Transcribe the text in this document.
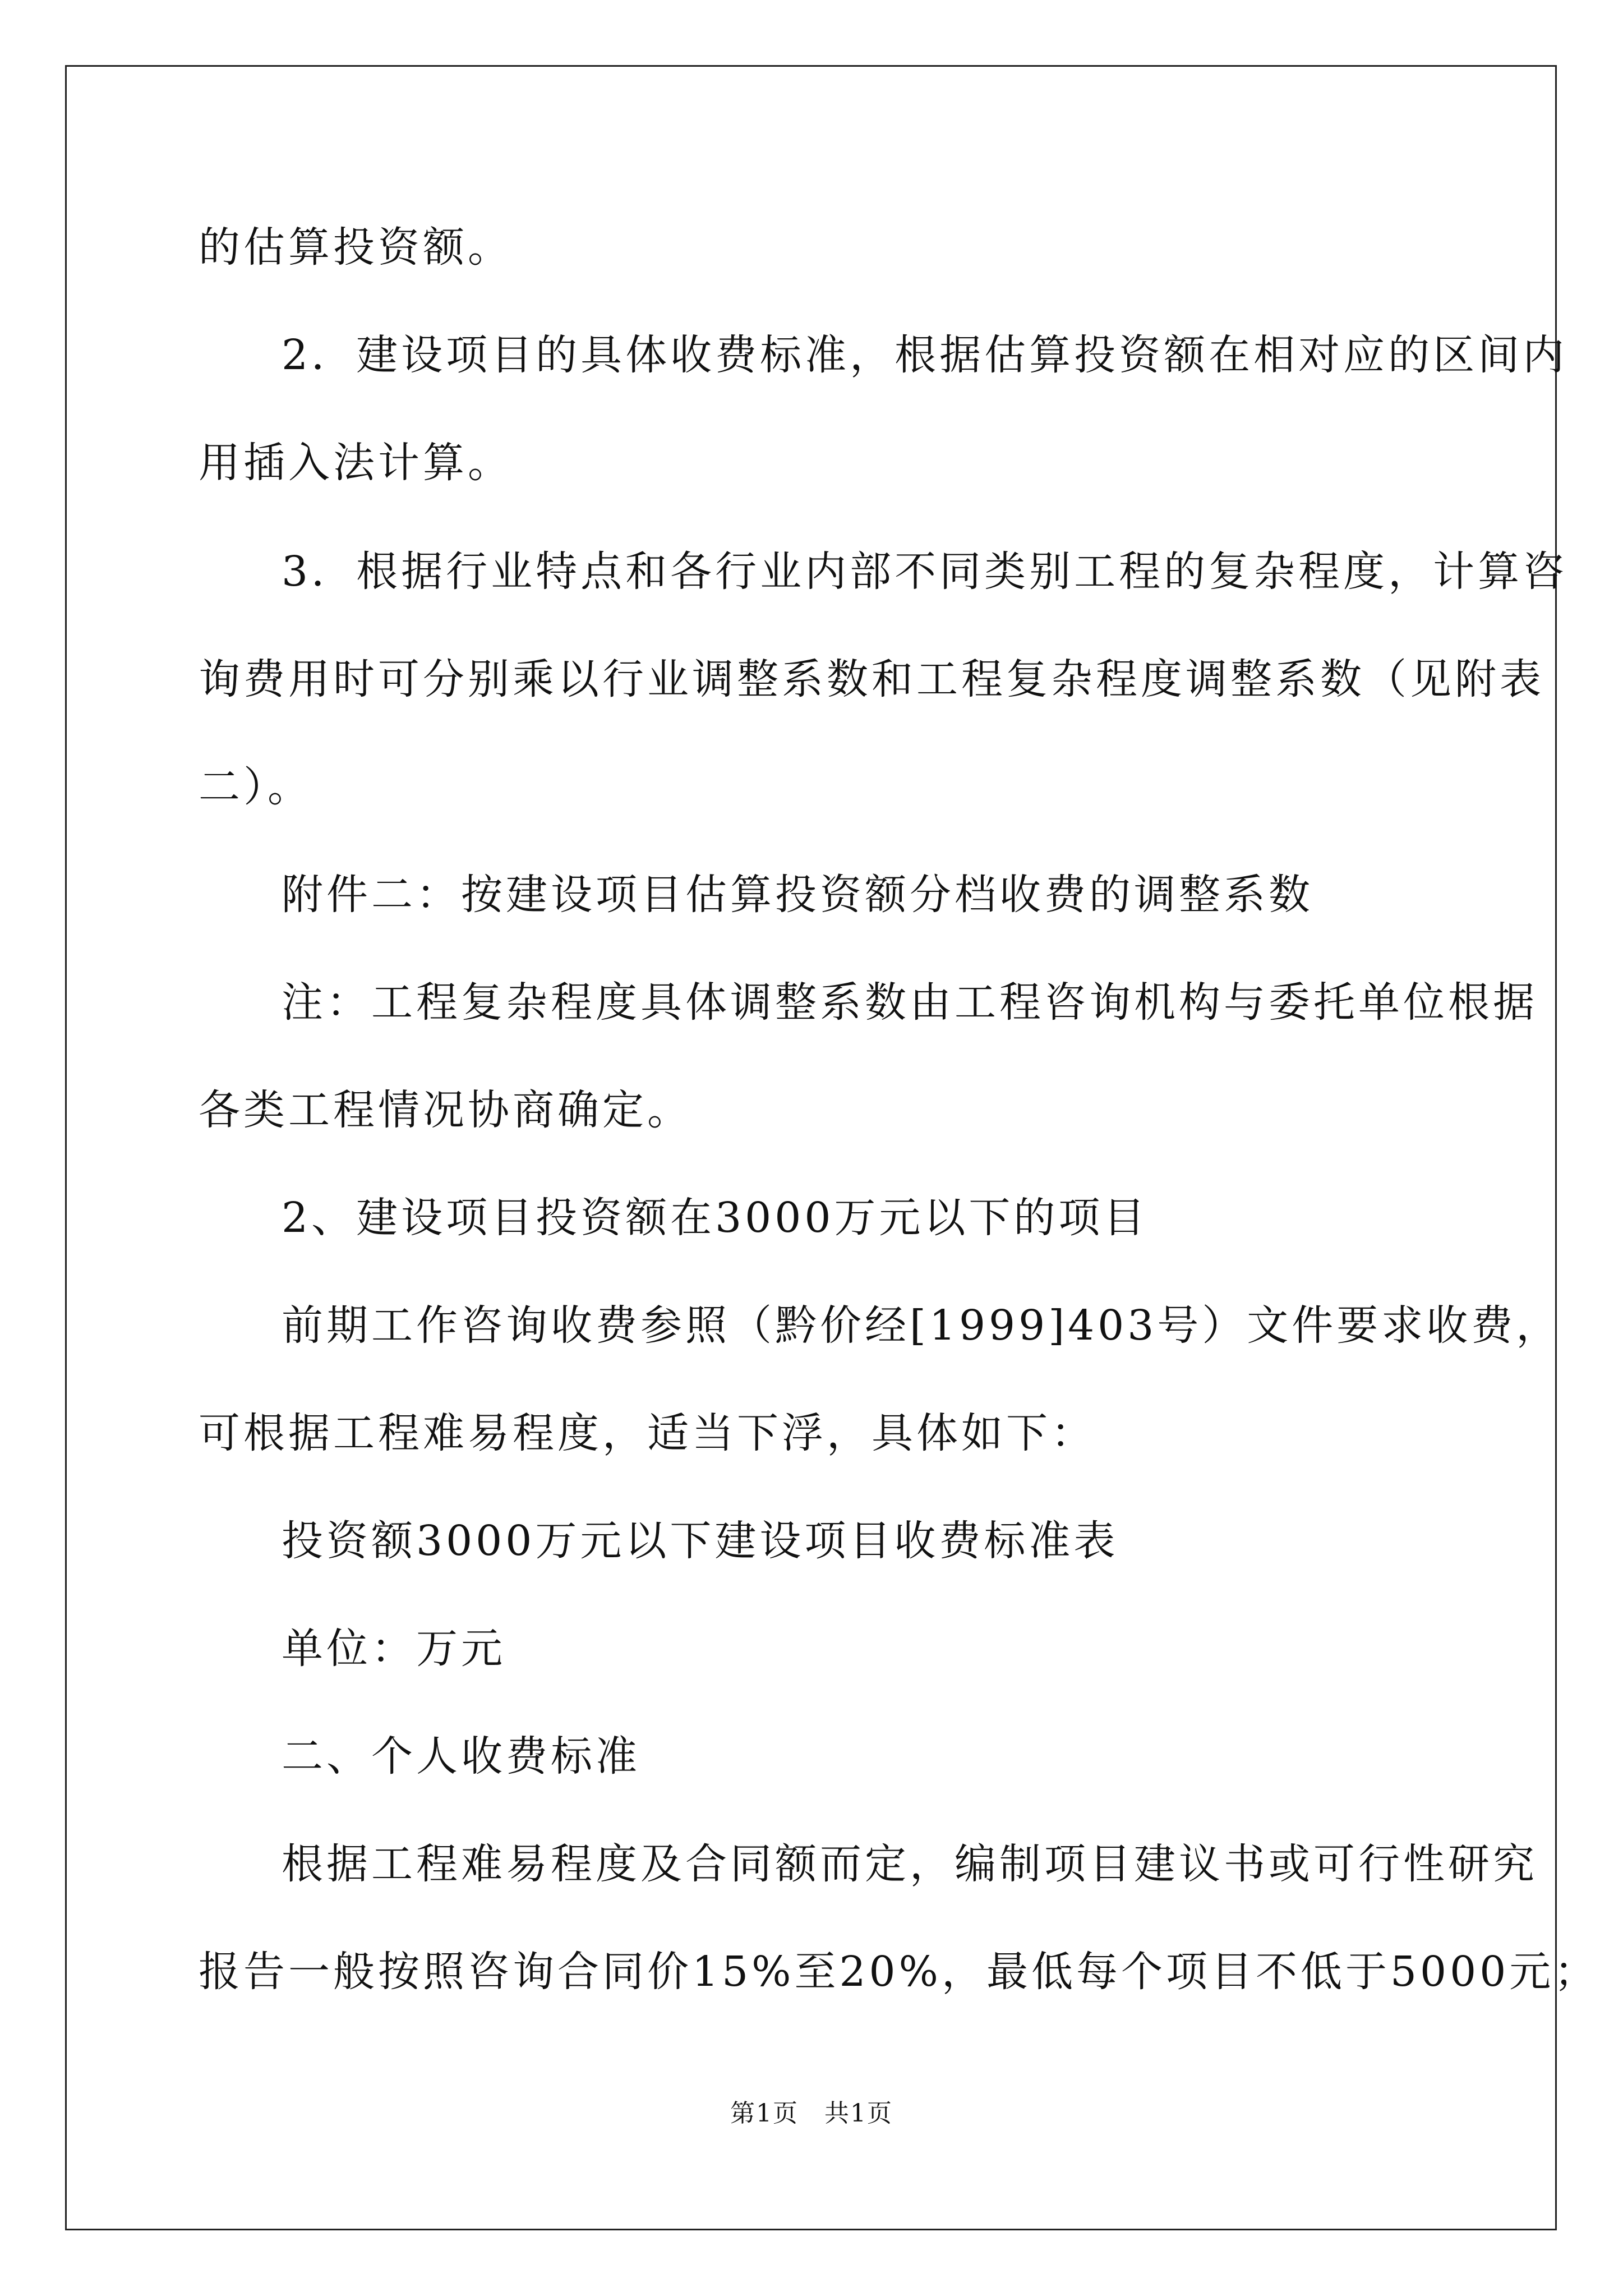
的估算投资额。
2．建设项目的具体收费标准，根据估算投资额在相对应的区间内
用插入法计算。
3．根据行业特点和各行业内部不同类别工程的复杂程度，计算咨
询费用时可分别乘以行业调整系数和工程复杂程度调整系数（见附表
二）。
附件二：按建设项目估算投资额分档收费的调整系数
注：工程复杂程度具体调整系数由工程咨询机构与委托单位根据
各类工程情况协商确定。
2、建设项目投资额在3000万元以下的项目
前期工作咨询收费参照（黔价经[1999]403号）文件要求收费，
可根据工程难易程度，适当下浮，具体如下：
投资额3000万元以下建设项目收费标准表
单位：万元
二、个人收费标准
根据工程难易程度及合同额而定，编制项目建议书或可行性研究
报告一般按照咨询合同价15%至20%，最低每个项目不低于5000元；
第1页　共1页
